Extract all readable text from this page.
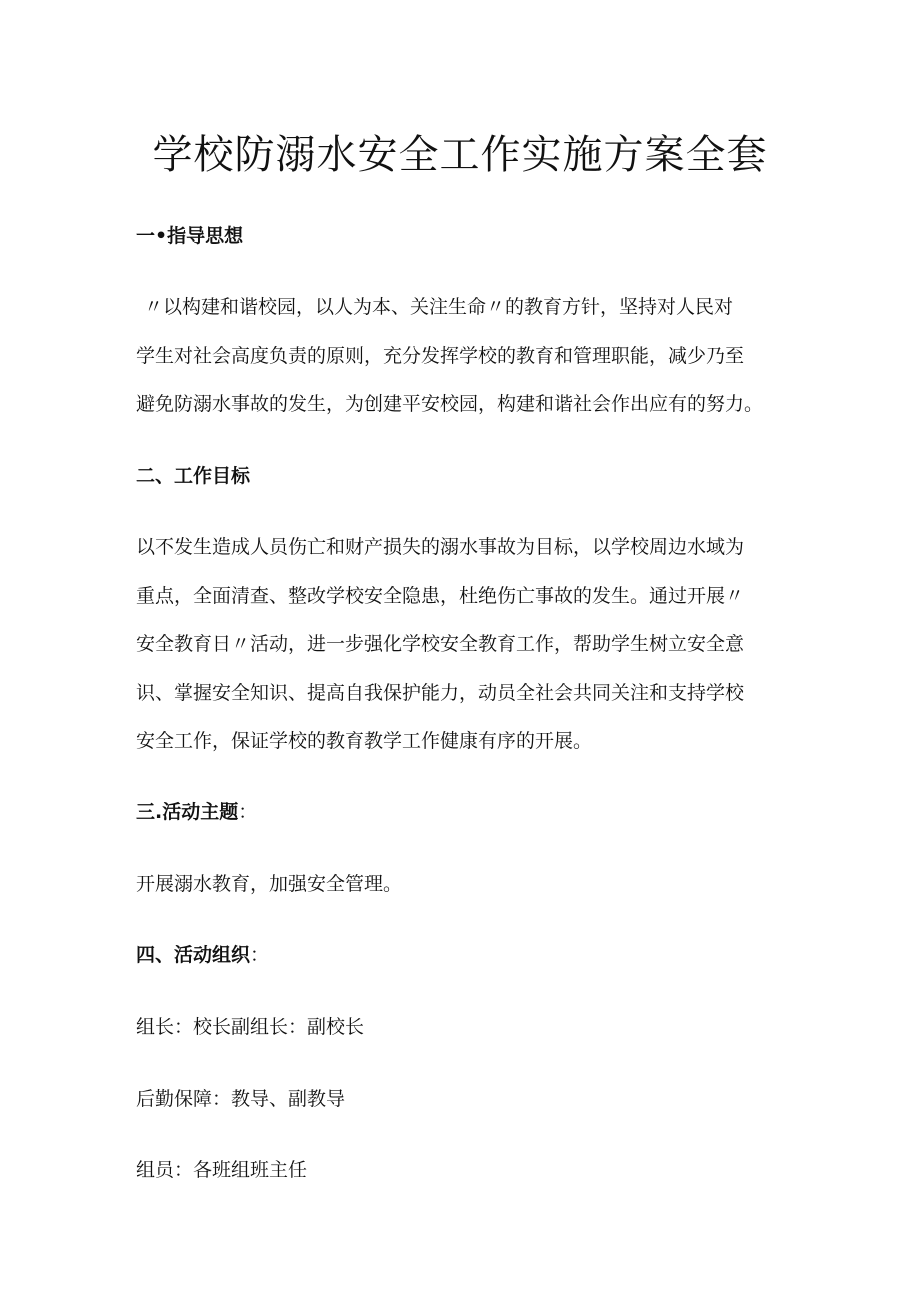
学校防溺水安全工作实施方案全套
一•指导思想
〃以构建和谐校园，以人为本、关注生命〃的教育方针，坚持对人民对
学生对社会高度负责的原则，充分发挥学校的教育和管理职能，减少乃至
避免防溺水事故的发生，为创建平安校园，构建和谐社会作出应有的努力。
二、工作目标
以不发生造成人员伤亡和财产损失的溺水事故为目标，以学校周边水域为
重点，全面清查、整改学校安全隐患，杜绝伤亡事故的发生。通过开展〃
安全教育日〃活动，进一步强化学校安全教育工作，帮助学生树立安全意
识、掌握安全知识、提高自我保护能力，动员全社会共同关注和支持学校
安全工作，保证学校的教育教学工作健康有序的开展。
三.活动主题：

开展溺水教育，加强安全管理。

四、活动组织：

组长：校长副组长：副校长

后勤保障：教导、副教导

组员：各班组班主任
